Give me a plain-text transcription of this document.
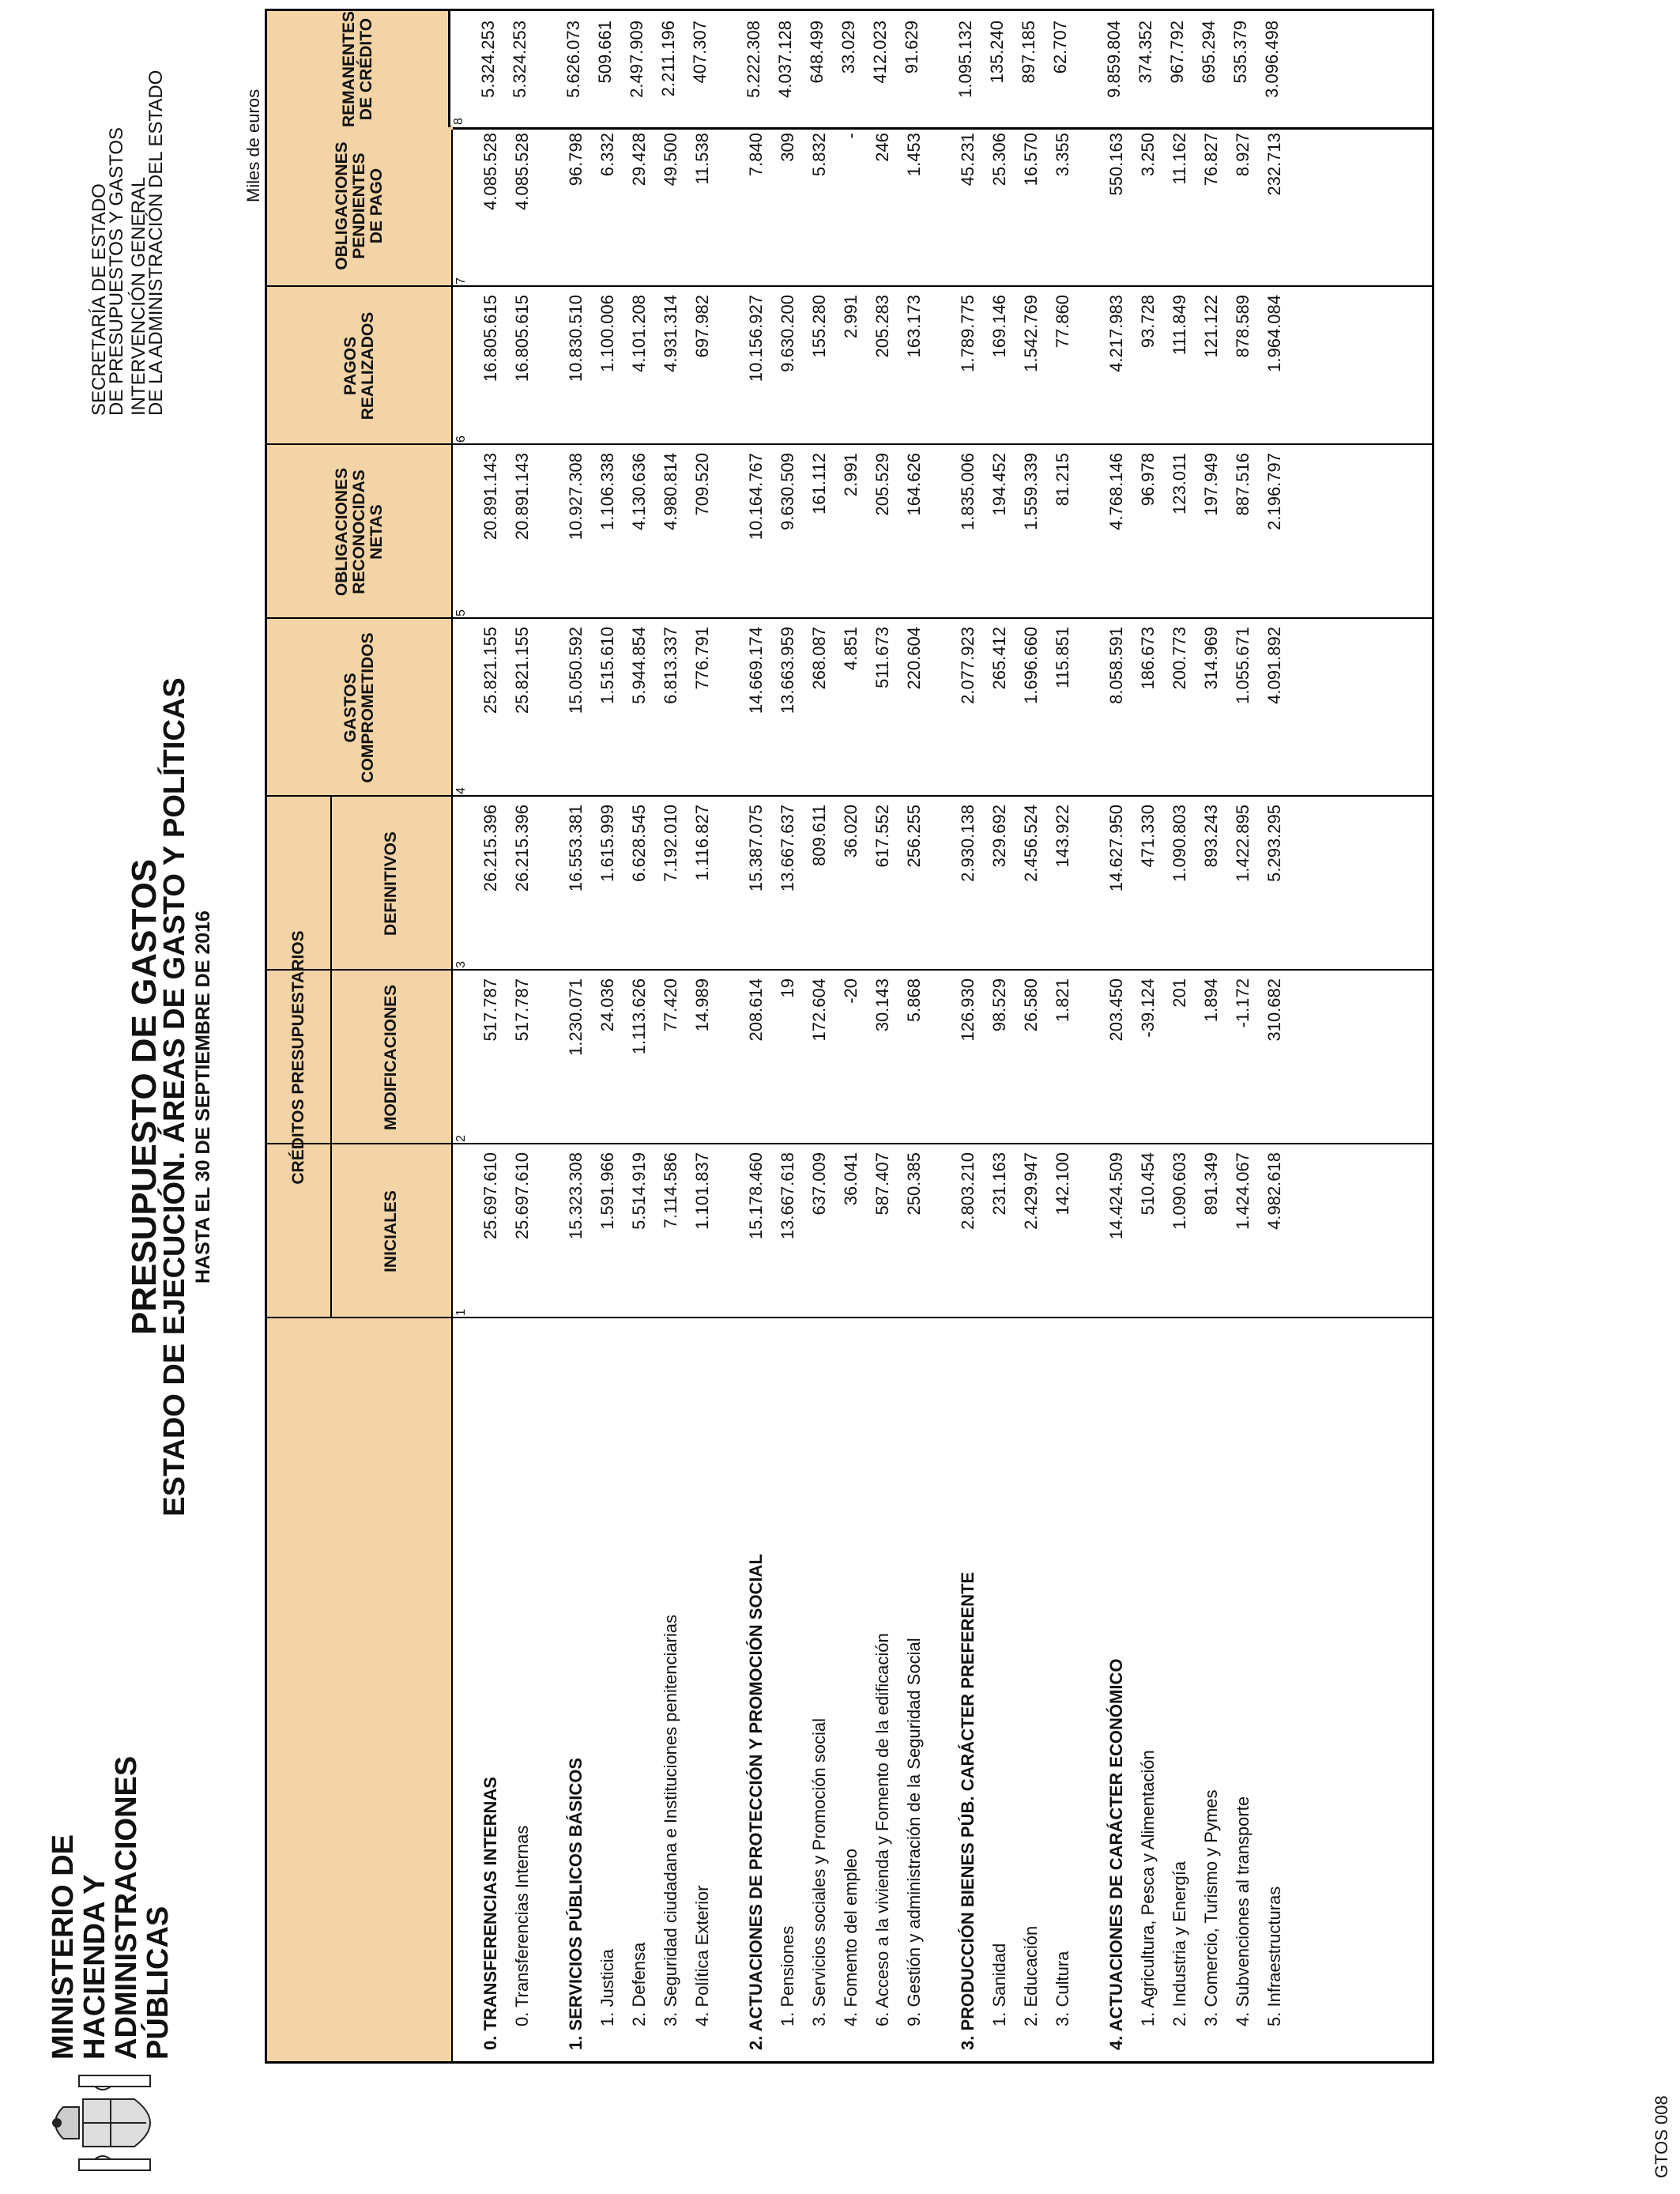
MINISTERIO DE
HACIENDA Y
ADMINISTRACIONES
PÚBLICAS
PRESUPUESTO DE GASTOS
ESTADO DE EJECUCIÓN. ÁREAS DE GASTO Y POLÍTICAS HASTA EL 30 DE SEPTIEMBRE DE 2016
SECRETARÍA DE ESTADO
DE PRESUPUESTOS Y GASTOS INTERVENCIÓN GENERAL
DE LA ADMINISTRACIÓN DEL ESTADO	Miles de euros
CRÉDITOS PRESUPUESTARIOS
INICIALES
MODIFICACIONES
DEFINITIVOS
GASTOS COMPROMETIDOS
OBLIGACIONES RECONOCIDAS NETAS
PAGOS REALIZADOS
OBLIGACIONES PENDIENTES DE PAGO
1
2
3
4
5
6
7
0. TRANSFERENCIAS INTERNAS
25.697.610
517.787
26.215.396
25.821.155
20.891.143
16.805.615
4.085.528
0. Transferencias Internas
25.697.610
517.787
26.215.396
25.821.155
20.891.143
16.805.615
4.085.528
1. SERVICIOS PÚBLICOS BÁSICOS
15.323.308
1.230.071
16.553.381
15.050.592
10.927.308
10.830.510
96.798
1. Justicia
1.591.966
24.036
1.615.999
1.515.610
1.106.338
1.100.006
6.332
2. Defensa
5.514.919
1.113.626
6.628.545
5.944.854
4.130.636
4.101.208
29.428
3. Seguridad ciudadana e Instituciones penitenciarias
7.114.586
77.420
7.192.010
6.813.337
4.980.814
4.931.314
49.500
4. Política Exterior
1.101.837
14.989
1.116.827
776.791
709.520
697.982
11.538
2. ACTUACIONES DE PROTECCIÓN Y PROMOCIÓN SOCIAL
15.178.460
208.614
15.387.075
14.669.174
10.164.767
10.156.927
7.840
1. Pensiones
13.667.618
19
13.667.637
13.663.959
9.630.509
9.630.200
309
3. Servicios sociales y Promoción social
637.009
172.604
809.611
268.087
161.112
155.280
5.832
4. Fomento del empleo
36.041
-20
36.020
4.851
2.991
2.991
-
6. Acceso a la vivienda y Fomento de la edificación
587.407
30.143
617.552
511.673
205.529
205.283
246
9. Gestión y administración de la Seguridad Social
250.385
5.868
256.255
220.604
164.626
163.173
1.453
3. PRODUCCIÓN BIENES PÚB. CARÁCTER PREFERENTE
2.803.210
126.930
2.930.138
2.077.923
1.835.006
1.789.775
45.231
1. Sanidad
231.163
98.529
329.692
265.412
194.452
169.146
25.306
2. Educación
2.429.947
26.580
2.456.524
1.696.660
1.559.339
1.542.769
16.570
3. Cultura
142.100
1.821
143.922
115.851
81.215
77.860
3.355
4. ACTUACIONES DE CARÁCTER ECONÓMICO
14.424.509
203.450
14.627.950
8.058.591
4.768.146
4.217.983
550.163
1. Agricultura, Pesca y Alimentación
510.454
-39.124
471.330
186.673
96.978
93.728
3.250
2. Industria y Energía
1.090.603
201
1.090.803
200.773
123.011
111.849
11.162
3. Comercio, Turismo y Pymes
891.349
1.894
893.243
314.969
197.949
121.122
76.827
4. Subvenciones al transporte
1.424.067
-1.172
1.422.895
1.055.671
887.516
878.589
8.927
5. Infraestructuras
4.982.618
310.682
5.293.295
4.091.892
2.196.797
1.964.084
232.713
REMANENTES DE CRÉDITO
8
GTOS 008
5.324.253 5.324.253 5.626.073 509.661 2.497.909 2.211.196 407.307 5.222.308 4.037.128 648.499 33.029 412.023 91.629 1.095.132 135.240 897.185 62.707 9.859.804 374.352 967.792 695.294 535.379 3.096.498
